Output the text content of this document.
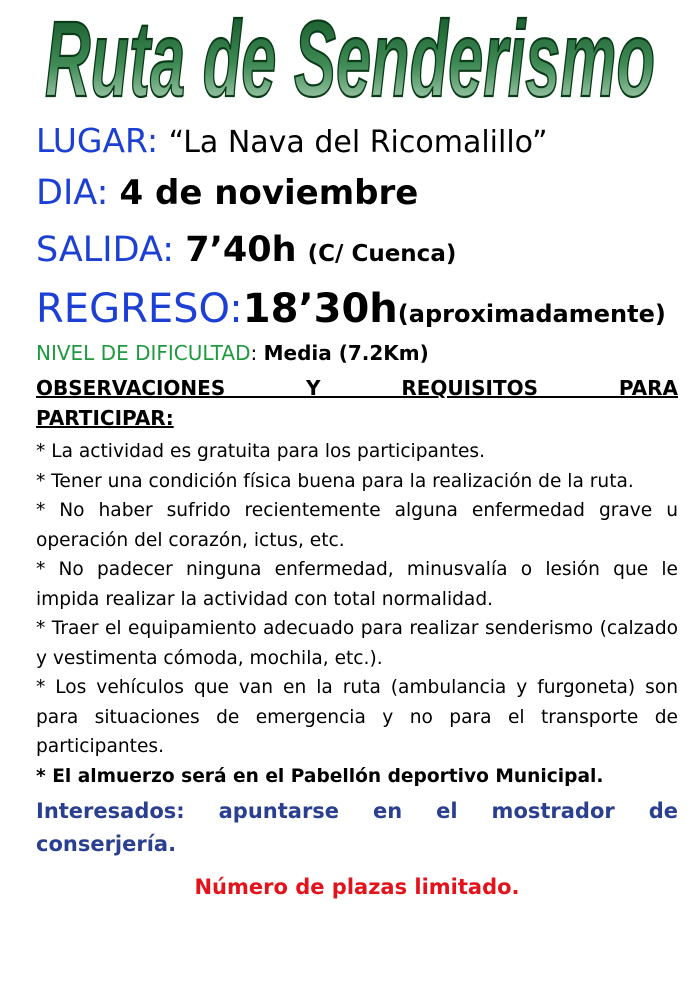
Ruta de Senderismo
LUGAR: “La Nava del Ricomalillo”
DIA: 4 de noviembre
SALIDA: 7’40h (C/ Cuenca)
REGRESO:18’30h(aproximadamente)
NIVEL DE DIFICULTAD: Media (7.2Km)
OBSERVACIONES Y REQUISITOS PARA
PARTICIPAR:

* La actividad es gratuita para los participantes.

* Tener una condición física buena para la realización de la ruta.

* No haber sufrido recientemente alguna enfermedad grave u operación del corazón, ictus, etc.

* No padecer ninguna enfermedad, minusvalía o lesión que le impida realizar la actividad con total normalidad.

* Traer el equipamiento adecuado para realizar senderismo (calzado y vestimenta cómoda, mochila, etc.).

* Los vehículos que van en la ruta (ambulancia y furgoneta) son para situaciones de emergencia y no para el transporte de participantes.

* El almuerzo será en el Pabellón deportivo Municipal.

Interesados: apuntarse en el mostrador de conserjería.
Número de plazas limitado.
